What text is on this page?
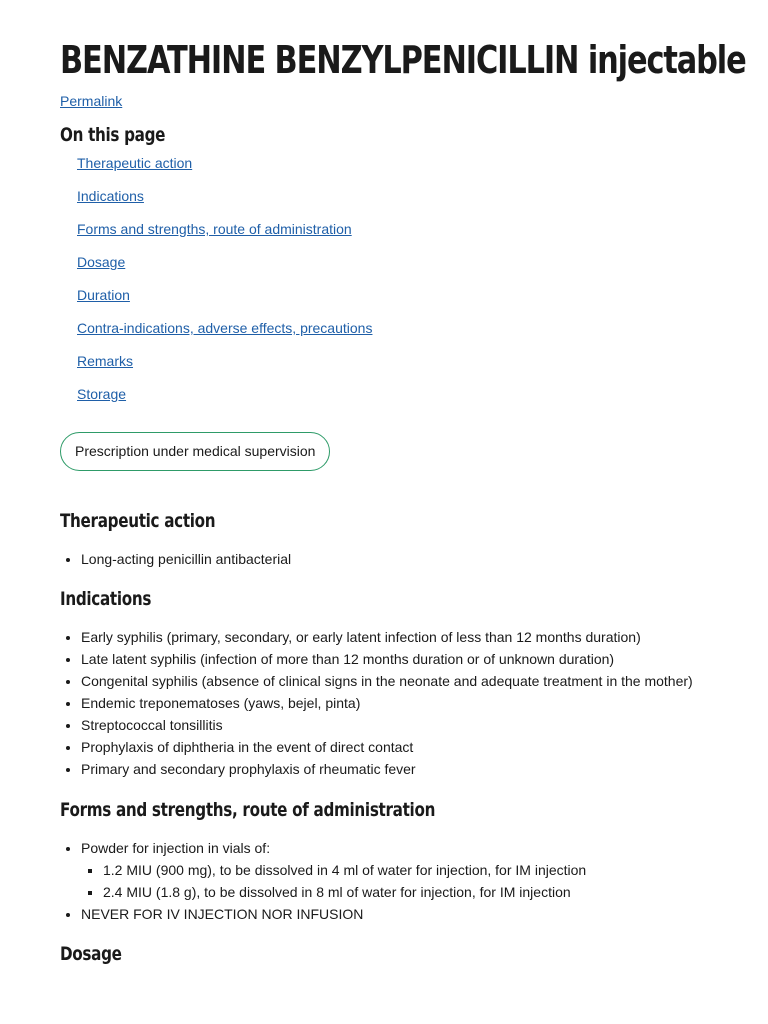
BENZATHINE BENZYLPENICILLIN injectable
Permalink
On this page
Therapeutic action
Indications
Forms and strengths, route of administration
Dosage
Duration
Contra-indications, adverse effects, precautions
Remarks
Storage
Prescription under medical supervision
Therapeutic action
• Long-acting penicillin antibacterial
Indications
• Early syphilis (primary, secondary, or early latent infection of less than 12 months duration)
• Late latent syphilis (infection of more than 12 months duration or of unknown duration)
• Congenital syphilis (absence of clinical signs in the neonate and adequate treatment in the mother)
• Endemic treponematoses (yaws, bejel, pinta)
• Streptococcal tonsillitis
• Prophylaxis of diphtheria in the event of direct contact
• Primary and secondary prophylaxis of rheumatic fever
Forms and strengths, route of administration
• Powder for injection in vials of:
▪ 1.2 MIU (900 mg), to be dissolved in 4 ml of water for injection, for IM injection
▪ 2.4 MIU (1.8 g), to be dissolved in 8 ml of water for injection, for IM injection
• NEVER FOR IV INJECTION NOR INFUSION
Dosage
